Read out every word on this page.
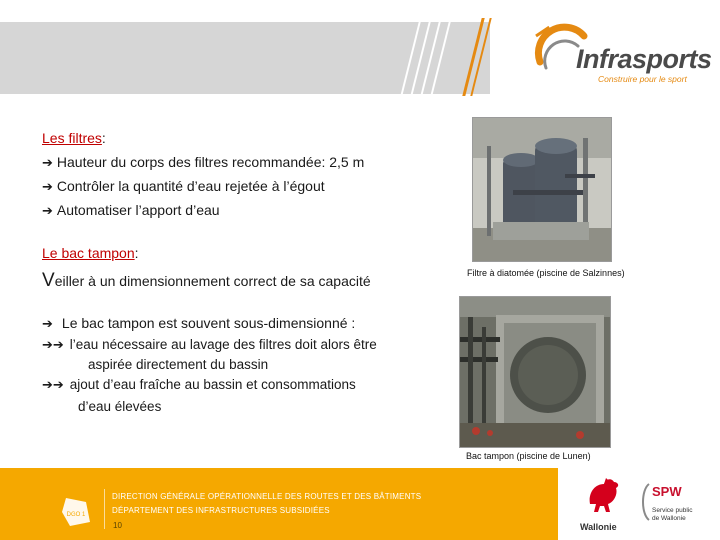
Infrasports
Construire pour le sport
Les filtres:
➔ Hauteur du corps des filtres recommandée: 2,5 m
➔ Contrôler la quantité d’eau rejetée à l’égout
➔ Automatiser l’apport d’eau
Le bac tampon:
Veiller à un dimensionnement correct de sa capacité
➔ Le bac tampon est souvent sous-dimensionné :
➔➔ l’eau nécessaire au lavage des filtres doit alors être
aspirée directement du bassin
➔➔ ajout d’eau fraîche au bassin et consommations
d’eau élevées
Filtre à diatomée (piscine de Salzinnes)
Bac tampon (piscine de Lunen)
DGO 1
DIRECTION GÉNÉRALE OPÉRATIONNELLE DES ROUTES ET DES BÂTIMENTS
DÉPARTEMENT DES INFRASTRUCTURES SUBSIDIÉES
10	Wallonie
SPW
Service public
de Wallonie
